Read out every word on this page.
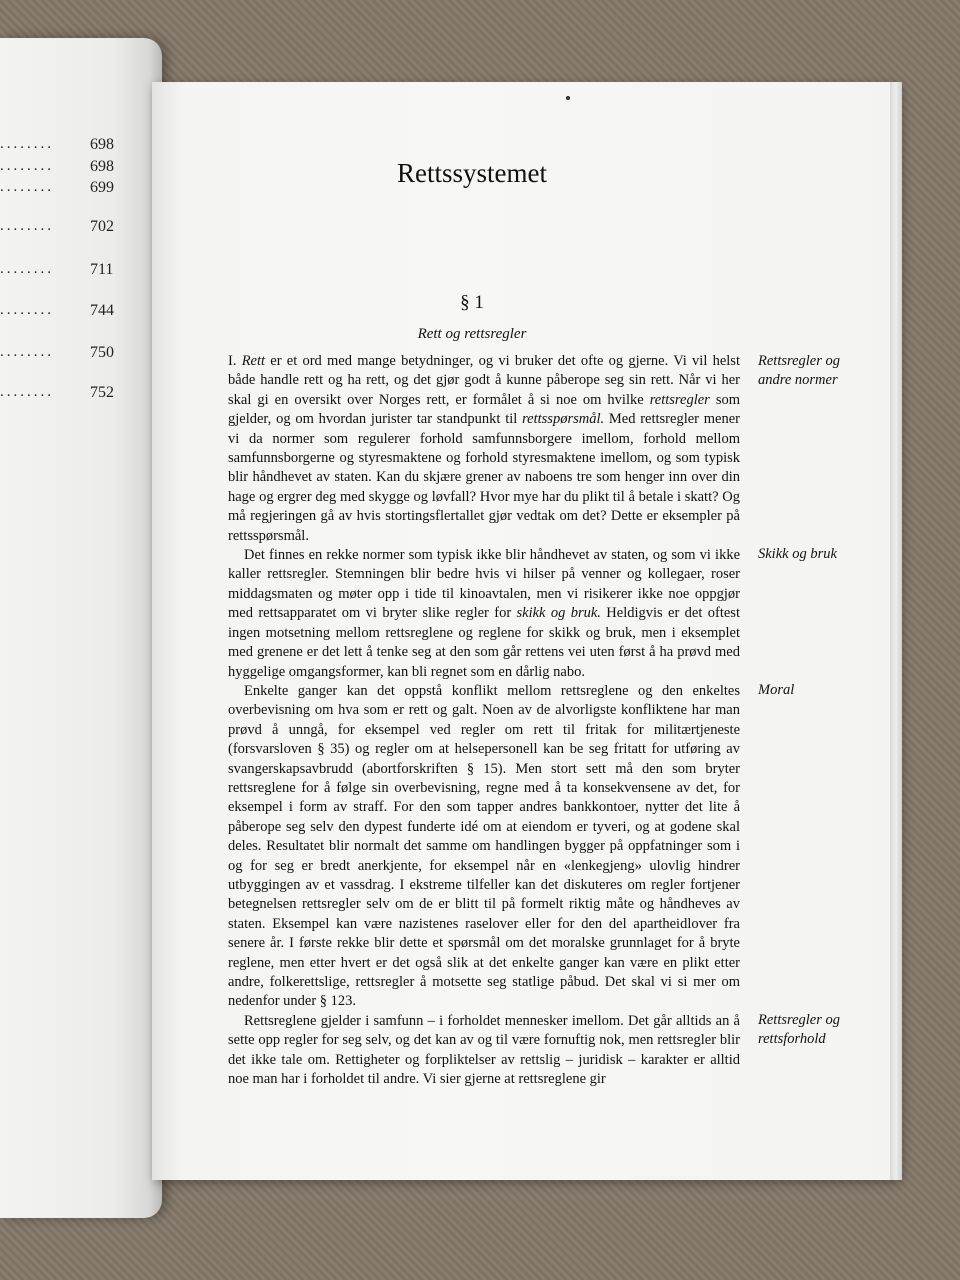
........	698
........	698
........	699
........	702
........	711
........	744
........	750
........	752
Rettssystemet
§ 1
Rett og rettsregler

I. Rett er et ord med mange betydninger, og vi bruker det ofte og gjerne. Vi vil helst både handle rett og ha rett, og det gjør godt å kunne påberope seg sin rett. Når vi her skal gi en oversikt over Norges rett, er formålet å si noe om hvilke rettsregler som gjelder, og om hvordan jurister tar standpunkt til rettsspørsmål. Med rettsregler mener vi da normer som regulerer forhold samfunnsborgere imellom, forhold mellom samfunnsborgerne og styresmaktene og forhold styresmaktene imellom, og som typisk blir håndhevet av staten. Kan du skjære grener av naboens tre som henger inn over din hage og ergrer deg med skygge og løvfall? Hvor mye har du plikt til å betale i skatt? Og må regjeringen gå av hvis stortingsflertallet gjør vedtak om det? Dette er eksempler på rettsspørsmål.

Det finnes en rekke normer som typisk ikke blir håndhevet av staten, og som vi ikke kaller rettsregler. Stemningen blir bedre hvis vi hilser på venner og kollegaer, roser middagsmaten og møter opp i tide til kinoavtalen, men vi risikerer ikke noe oppgjør med rettsapparatet om vi bryter slike regler for skikk og bruk. Heldigvis er det oftest ingen motsetning mellom rettsreglene og reglene for skikk og bruk, men i eksemplet med grenene er det lett å tenke seg at den som går rettens vei uten først å ha prøvd med hyggelige omgangsformer, kan bli regnet som en dårlig nabo.

Enkelte ganger kan det oppstå konflikt mellom rettsreglene og den enkeltes overbevisning om hva som er rett og galt. Noen av de alvorligste konfliktene har man prøvd å unngå, for eksempel ved regler om rett til fritak for militærtjeneste (forsvarsloven § 35) og regler om at helsepersonell kan be seg fritatt for utføring av svangerskapsavbrudd (abortforskriften § 15). Men stort sett må den som bryter rettsreglene for å følge sin overbevisning, regne med å ta konsekvensene av det, for eksempel i form av straff. For den som tapper andres bankkontoer, nytter det lite å påberope seg selv den dypest funderte idé om at eiendom er tyveri, og at godene skal deles. Resultatet blir normalt det samme om handlingen bygger på oppfatninger som i og for seg er bredt anerkjente, for eksempel når en «lenkegjeng» ulovlig hindrer utbyggingen av et vassdrag. I ekstreme tilfeller kan det diskuteres om regler fortjener betegnelsen rettsregler selv om de er blitt til på formelt riktig måte og håndheves av staten. Eksempel kan være nazistenes raselover eller for den del apartheidlover fra senere år. I første rekke blir dette et spørsmål om det moralske grunnlaget for å bryte reglene, men etter hvert er det også slik at det enkelte ganger kan være en plikt etter andre, folkerettslige, rettsregler å motsette seg statlige påbud. Det skal vi si mer om nedenfor under § 123.

Rettsreglene gjelder i samfunn – i forholdet mennesker imellom. Det går alltids an å sette opp regler for seg selv, og det kan av og til være fornuftig nok, men rettsregler blir det ikke tale om. Rettigheter og forpliktelser av rettslig – juridisk – karakter er alltid noe man har i forholdet til andre. Vi sier gjerne at rettsreglene gir

Rettsregler og andre normer
Skikk og bruk
Moral
Rettsregler og rettsforhold
